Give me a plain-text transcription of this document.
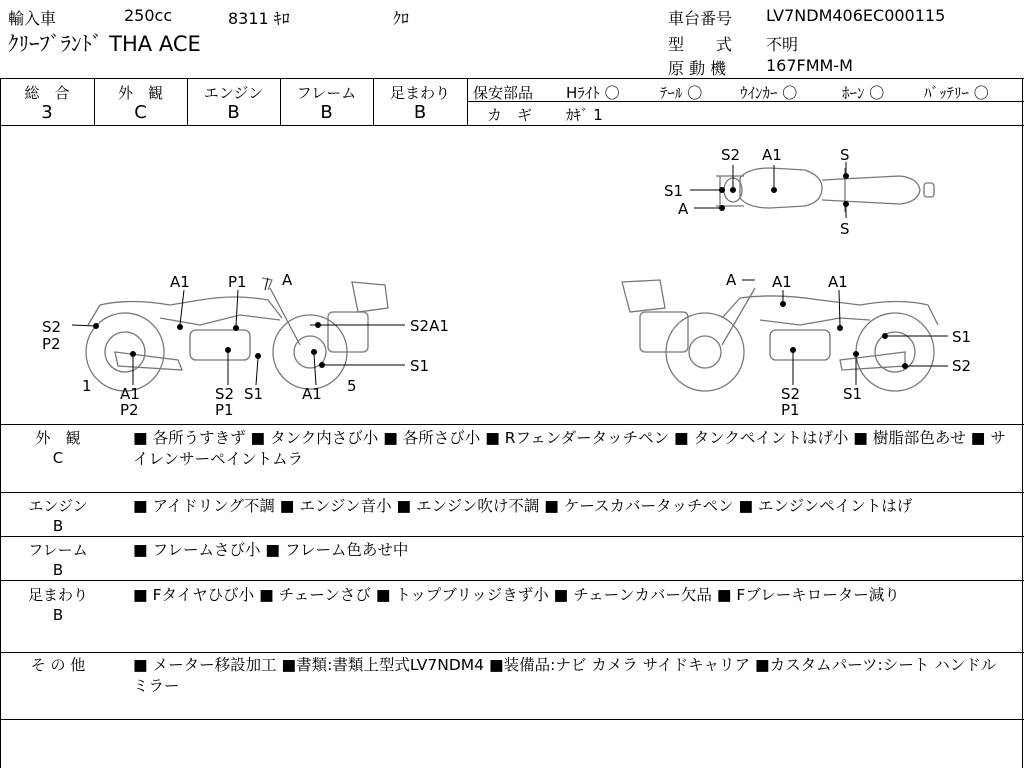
輸入車	250cc	8311 ｷﾛ	ｸﾛ
ｸﾘｰﾌﾞﾗﾝﾄﾞ THA ACE
車台番号 LV7NDM406EC000115
型　　式 不明
原 動 機 167FMM-M
総　合
3
外　観
C
エンジン
B
フレーム
B
足まわり
B
保安部品 Hﾗｲﾄ 〇	ﾃｰﾙ 〇	ｳｲﾝｶｰ 〇	ﾎｰﾝ 〇	ﾊﾞｯﾃﾘｰ 〇
カ　ギ ｶｷﾞ 1
S2 A1	S
S1
A
S
A1	P1 A
S2
P2
S2A1
S1
1	5
A1
P2
S2
P1
S1	A1
A A1 A1
S1
S2
S2
P1
S1
外　観
C
■ 各所うすきず ■ タンク内さび小 ■ 各所さび小 ■ Rフェンダータッチペン ■ タンクペイントはげ小 ■ 樹脂部色あせ ■ サイレンサーペイントムラ
エンジン
B
■ アイドリング不調 ■ エンジン音小 ■ エンジン吹け不調 ■ ケースカバータッチペン ■ エンジンペイントはげ
フレーム
B
■ フレームさび小 ■ フレーム色あせ中
足まわり
B
■ Fタイヤひび小 ■ チェーンさび ■ トップブリッジきず小 ■ チェーンカバー欠品 ■ Fブレーキローター減り
そ の 他	■ メーター移設加工 ■書類:書類上型式LV7NDM4 ■装備品:ナビ カメラ サイドキャリア ■カスタムパーツ:シート ハンドル ミラー
